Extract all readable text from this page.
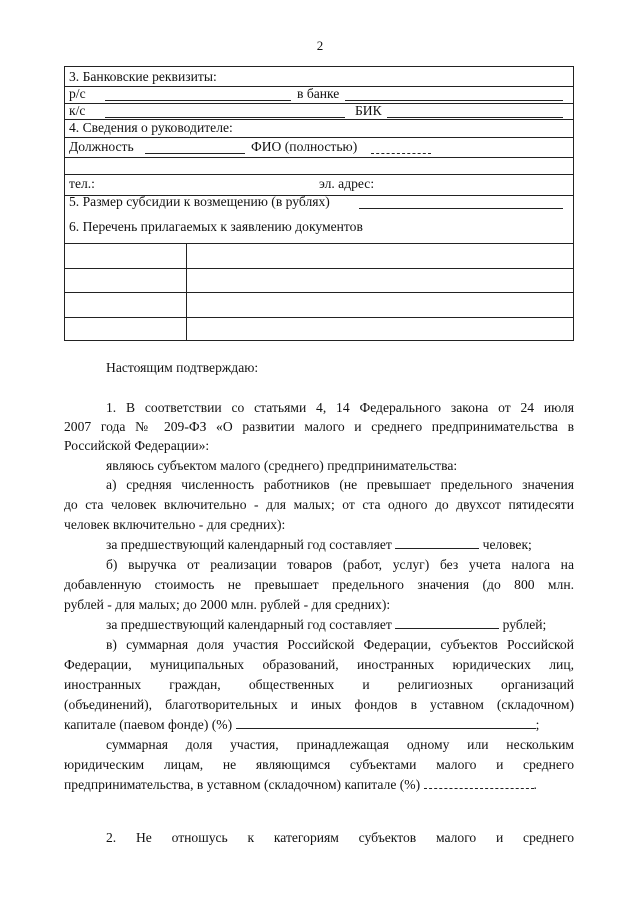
2
3. Банковские реквизиты:
р/с	в банке
к/с	БИК
4. Сведения о руководителе:
Должность	ФИО (полностью)
тел.:	эл. адрес:
5. Размер субсидии к возмещению (в рублях)
6. Перечень прилагаемых к заявлению документов
Настоящим подтверждаю:
1. В соответствии со статьями 4, 14 Федерального закона от 24 июля
2007 года № 209-ФЗ «О развитии малого и среднего предпринимательства в
Российской Федерации»:
являюсь субъектом малого (среднего) предпринимательства:
а) средняя численность работников (не превышает предельного значения
до ста человек включительно - для малых; от ста одного до двухсот пятидесяти
человек включительно - для средних):
за предшествующий календарный год составляет	человек;
б) выручка от реализации товаров (работ, услуг) без учета налога на
добавленную стоимость не превышает предельного значения (до 800 млн.
рублей - для малых; до 2000 млн. рублей - для средних):
за предшествующий календарный год составляет	рублей;
в) суммарная доля участия Российской Федерации, субъектов Российской
Федерации, муниципальных образований, иностранных юридических лиц,
иностранных граждан, общественных и религиозных организаций
(объединений), благотворительных и иных фондов в уставном (складочном)
капитале (паевом фонде) (%)	;
суммарная доля участия, принадлежащая одному или нескольким
юридическим лицам, не являющимся субъектами малого и среднего
предпринимательства, в уставном (складочном) капитале (%)	.
2. Не отношусь к категориям субъектов малого и среднего
